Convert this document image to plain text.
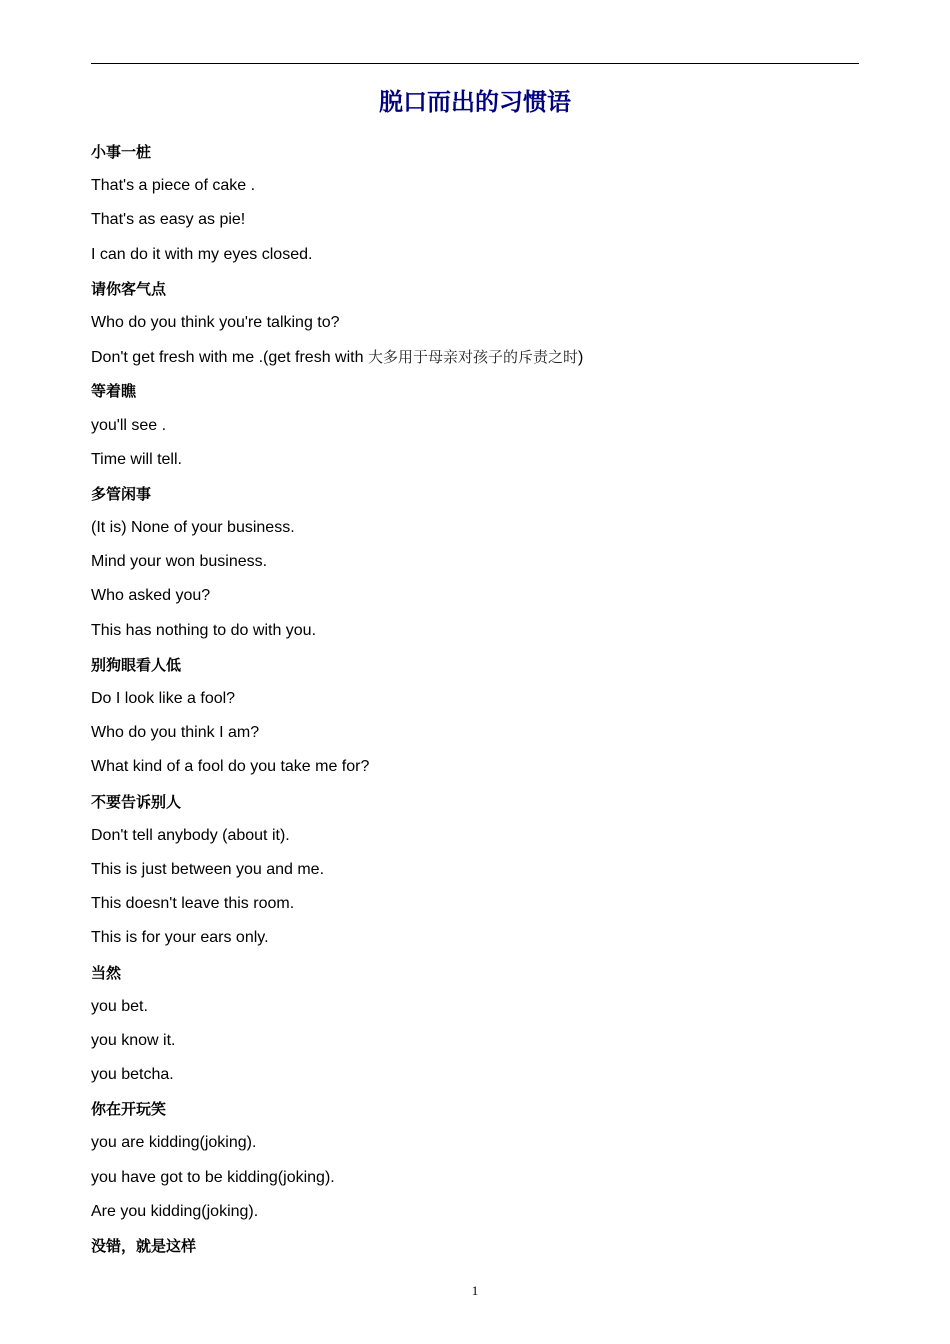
脱口而出的习惯语
小事一桩
That's a piece of cake .
That's as easy as pie!
I can do it with my eyes closed.
请你客气点
Who do you think you're talking to?
Don't get fresh with me .(get fresh with 大多用于母亲对孩子的斥责之时)
等着瞧
you'll see .
Time will tell.
多管闲事
(It is) None of your business.
Mind your won business.
Who asked you?
This has nothing to do with you.
别狗眼看人低
Do I look like a fool?
Who do you think I am?
What kind of a fool do you take me for?
不要告诉别人
Don't tell anybody (about it).
This is just between you and me.
This doesn't leave this room.
This is for your ears only.
当然
you bet.
you know it.
you betcha.
你在开玩笑
you are kidding(joking).
you have got to be kidding(joking).
Are you kidding(joking).
没错，就是这样
1
